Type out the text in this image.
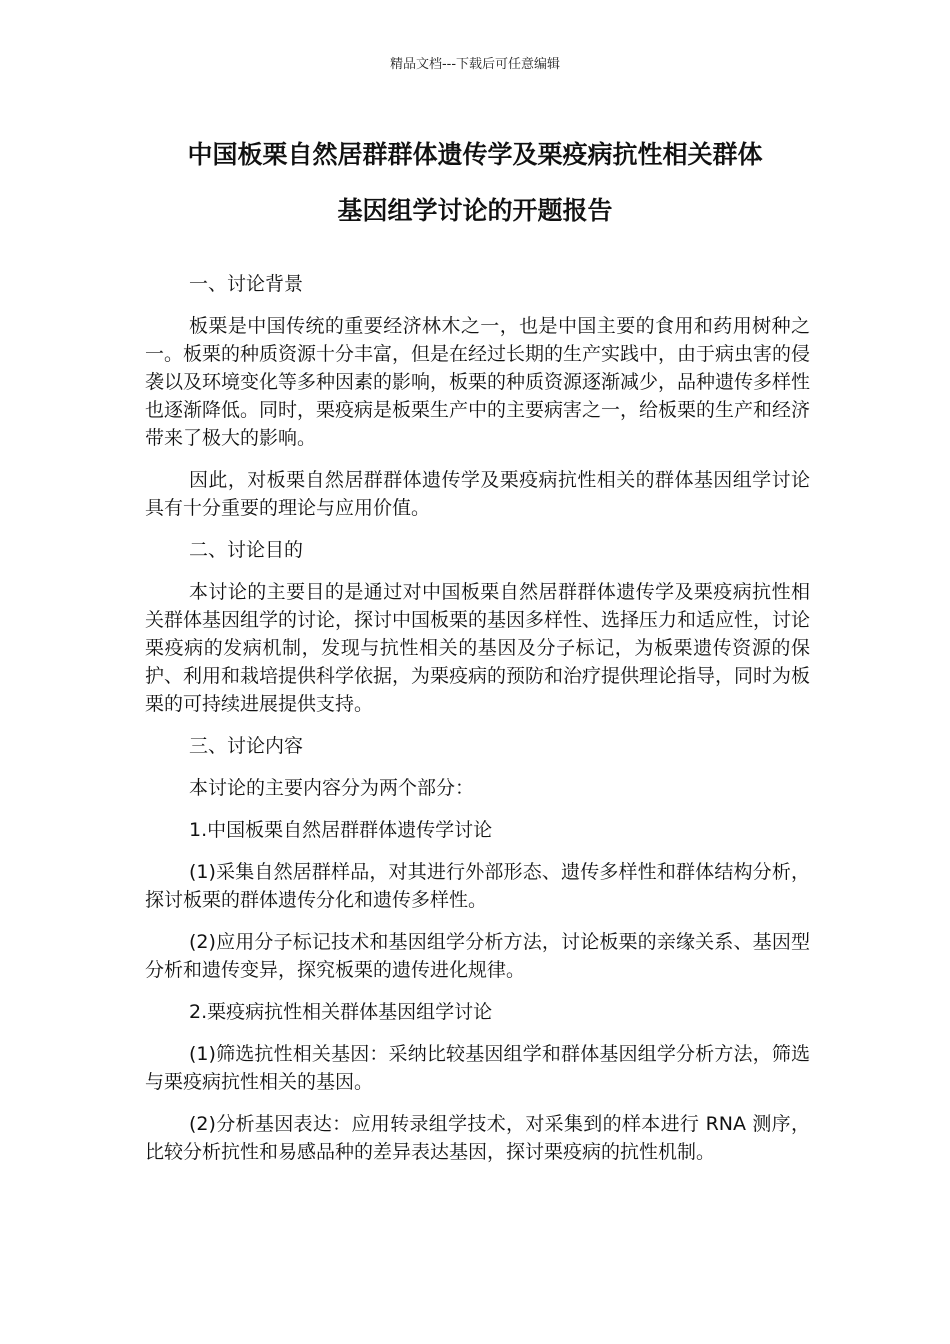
精品文档---下载后可任意编辑
中国板栗自然居群群体遗传学及栗疫病抗性相关群体
基因组学讨论的开题报告

一、讨论背景

板栗是中国传统的重要经济林木之一，也是中国主要的食用和药用树种之一。板栗的种质资源十分丰富，但是在经过长期的生产实践中，由于病虫害的侵袭以及环境变化等多种因素的影响，板栗的种质资源逐渐减少，品种遗传多样性也逐渐降低。同时，栗疫病是板栗生产中的主要病害之一，给板栗的生产和经济带来了极大的影响。

因此，对板栗自然居群群体遗传学及栗疫病抗性相关的群体基因组学讨论具有十分重要的理论与应用价值。

二、讨论目的

本讨论的主要目的是通过对中国板栗自然居群群体遗传学及栗疫病抗性相关群体基因组学的讨论，探讨中国板栗的基因多样性、选择压力和适应性，讨论栗疫病的发病机制，发现与抗性相关的基因及分子标记，为板栗遗传资源的保护、利用和栽培提供科学依据，为栗疫病的预防和治疗提供理论指导，同时为板栗的可持续进展提供支持。

三、讨论内容

本讨论的主要内容分为两个部分：

1.中国板栗自然居群群体遗传学讨论

(1)采集自然居群样品，对其进行外部形态、遗传多样性和群体结构分析，探讨板栗的群体遗传分化和遗传多样性。

(2)应用分子标记技术和基因组学分析方法，讨论板栗的亲缘关系、基因型分析和遗传变异，探究板栗的遗传进化规律。

2.栗疫病抗性相关群体基因组学讨论

(1)筛选抗性相关基因：采纳比较基因组学和群体基因组学分析方法，筛选与栗疫病抗性相关的基因。

(2)分析基因表达：应用转录组学技术，对采集到的样本进行 RNA 测序，比较分析抗性和易感品种的差异表达基因，探讨栗疫病的抗性机制。
